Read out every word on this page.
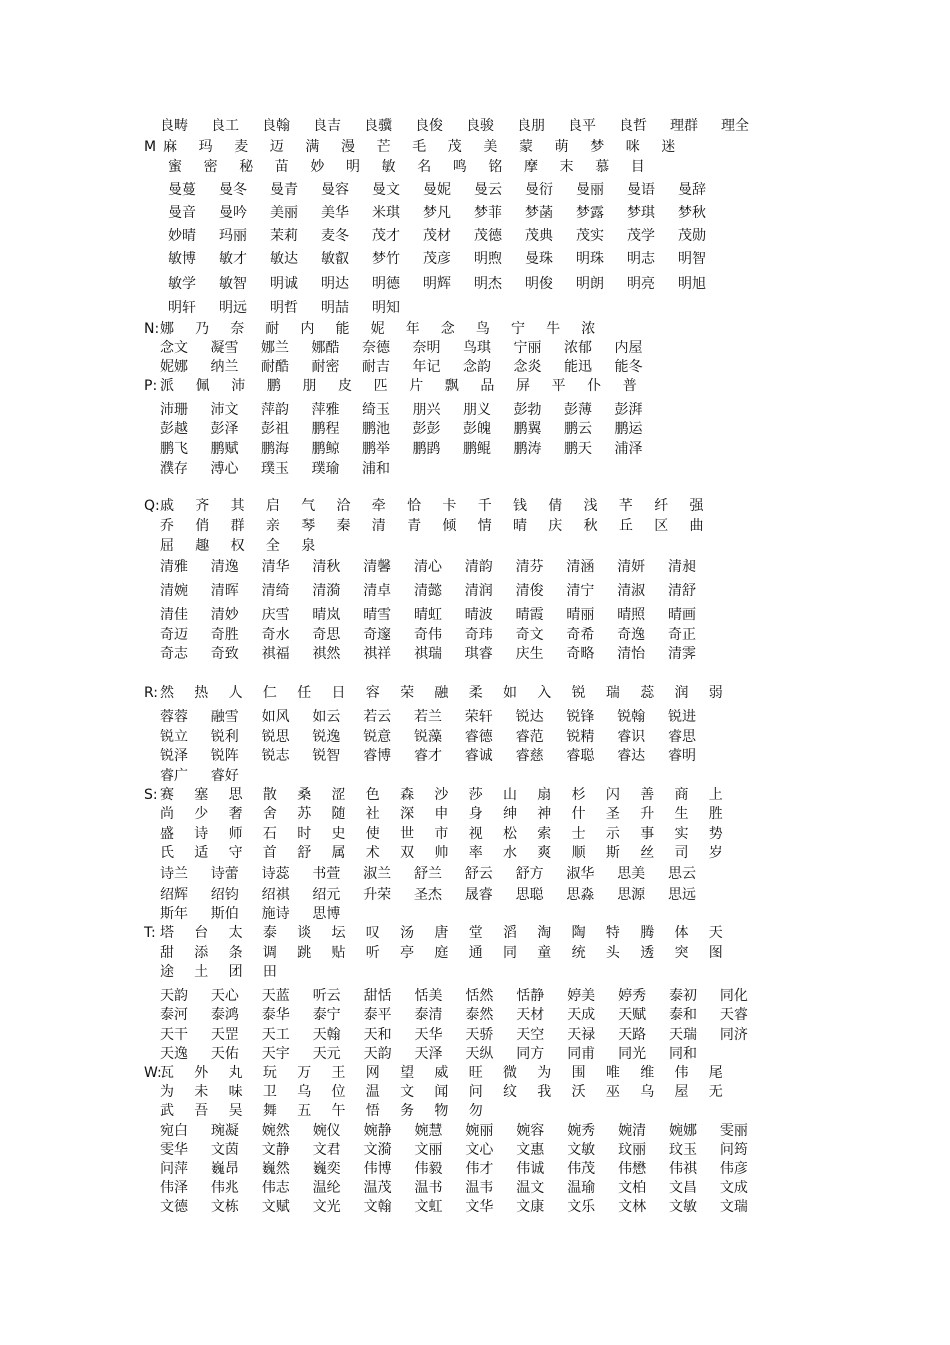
良畴 良工 良翰 良吉 良骥 良俊 良骏 良朋 良平 良哲 理群 理全
M 麻 玛 麦 迈 满 漫 芒 毛 茂 美 蒙 萌 梦 咪 迷
蜜 密 秘 苗 妙 明 敏 名 鸣 铭 摩 末 慕 目
曼蔓 曼冬 曼青 曼容 曼文 曼妮 曼云 曼衍 曼丽 曼语 曼辞
曼音 曼吟 美丽 美华 米琪 梦凡 梦菲 梦菡 梦露 梦琪 梦秋
妙晴 玛丽 茉莉 麦冬 茂才 茂材 茂德 茂典 茂实 茂学 茂勋
敏博 敏才 敏达 敏叡 梦竹 茂彦 明煦 曼珠 明珠 明志 明智
敏学 敏智 明诚 明达 明德 明辉 明杰 明俊 明朗 明亮 明旭
明轩 明远 明哲 明喆 明知
N: 娜 乃 奈 耐 内 能 妮 年 念 鸟 宁 牛 浓
念文 凝雪 娜兰 娜酷 奈德 奈明 鸟琪 宁丽 浓郁 内屋
妮娜 纳兰 耐酷 耐密 耐吉 年记 念韵 念炎 能迅 能冬
P: 派 佩 沛 鹏 朋 皮 匹 片 飘 品 屏 平 仆 普
沛珊 沛文 萍韵 萍雅 绮玉 朋兴 朋义 彭勃 彭薄 彭湃
彭越 彭泽 彭祖 鹏程 鹏池 彭彭 彭魄 鹏翼 鹏云 鹏运
鹏飞 鹏赋 鹏海 鹏鲸 鹏举 鹏鹍 鹏鲲 鹏涛 鹏天 浦泽
濮存 溥心 璞玉 璞瑜 浦和
Q: 戚 齐 其 启 气 洽 牵 恰 卡 千 钱 倩 浅 芊 纤 强
乔 俏 群 亲 琴 秦 清 青 倾 情 晴 庆 秋 丘 区 曲
屈 趣 权 全 泉
清雅 清逸 清华 清秋 清馨 清心 清韵 清芬 清涵 清妍 清昶
清婉 清晖 清绮 清漪 清卓 清懿 清润 清俊 清宁 清淑 清舒
清佳 清妙 庆雪 晴岚 晴雪 晴虹 晴波 晴霞 晴丽 晴照 晴画
奇迈 奇胜 奇水 奇思 奇邃 奇伟 奇玮 奇文 奇希 奇逸 奇正
奇志 奇致 祺福 祺然 祺祥 祺瑞 琪睿 庆生 奇略 清怡 清霁
R: 然 热 人 仁 任 日 容 荣 融 柔 如 入 锐 瑞 蕊 润 弱
蓉蓉 融雪 如风 如云 若云 若兰 荣轩 锐达 锐锋 锐翰 锐进
锐立 锐利 锐思 锐逸 锐意 锐藻 睿德 睿范 锐精 睿识 睿思
锐泽 锐阵 锐志 锐智 睿博 睿才 睿诚 睿慈 睿聪 睿达 睿明
睿广 睿好
S: 赛 塞 思 散 桑 涩 色 森 沙 莎 山 扇 杉 闪 善 商 上
尚 少 奢 舍 苏 随 社 深 申 身 绅 神 什 圣 升 生 胜
盛 诗 师 石 时 史 使 世 市 视 松 索 士 示 事 实 势
氏 适 守 首 舒 属 术 双 帅 率 水 爽 顺 斯 丝 司 岁
诗兰 诗蕾 诗蕊 书萱 淑兰 舒兰 舒云 舒方 淑华 思美 思云
绍辉 绍钧 绍祺 绍元 升荣 圣杰 晟睿 思聪 思淼 思源 思远
斯年 斯伯 施诗 思博
T: 塔 台 太 泰 谈 坛 叹 汤 唐 堂 滔 淘 陶 特 腾 体 天
甜 添 条 调 跳 贴 听 亭 庭 通 同 童 统 头 透 突 图
途 土 团 田
天韵 天心 天蓝 听云 甜恬 恬美 恬然 恬静 婷美 婷秀 泰初 同化
泰河 泰鸿 泰华 泰宁 泰平 泰清 泰然 天材 天成 天赋 泰和 天睿
天干 天罡 天工 天翰 天和 天华 天骄 天空 天禄 天路 天瑞 同济
天逸 天佑 天宇 天元 天韵 天泽 天纵 同方 同甫 同光 同和
W:
瓦 外 丸 玩 万 王 网 望 威 旺 微 为 围 唯 维 伟 尾
为 未 味 卫 乌 位 温 文 闻 问 纹 我 沃 巫 乌 屋 无
武 吾 吴 舞 五 午 悟 务 物 勿
宛白 琬凝 婉然 婉仪 婉静 婉慧 婉丽 婉容 婉秀 婉清 婉娜 雯丽
雯华 文茵 文静 文君 文漪 文丽 文心 文惠 文敏 玟丽 玟玉 问筠
问萍 巍昂 巍然 巍奕 伟博 伟毅 伟才 伟诚 伟茂 伟懋 伟祺 伟彦
伟泽 伟兆 伟志 温纶 温茂 温书 温韦 温文 温瑜 文柏 文昌 文成
文德 文栋 文赋 文光 文翰 文虹 文华 文康 文乐 文林 文敏 文瑞
